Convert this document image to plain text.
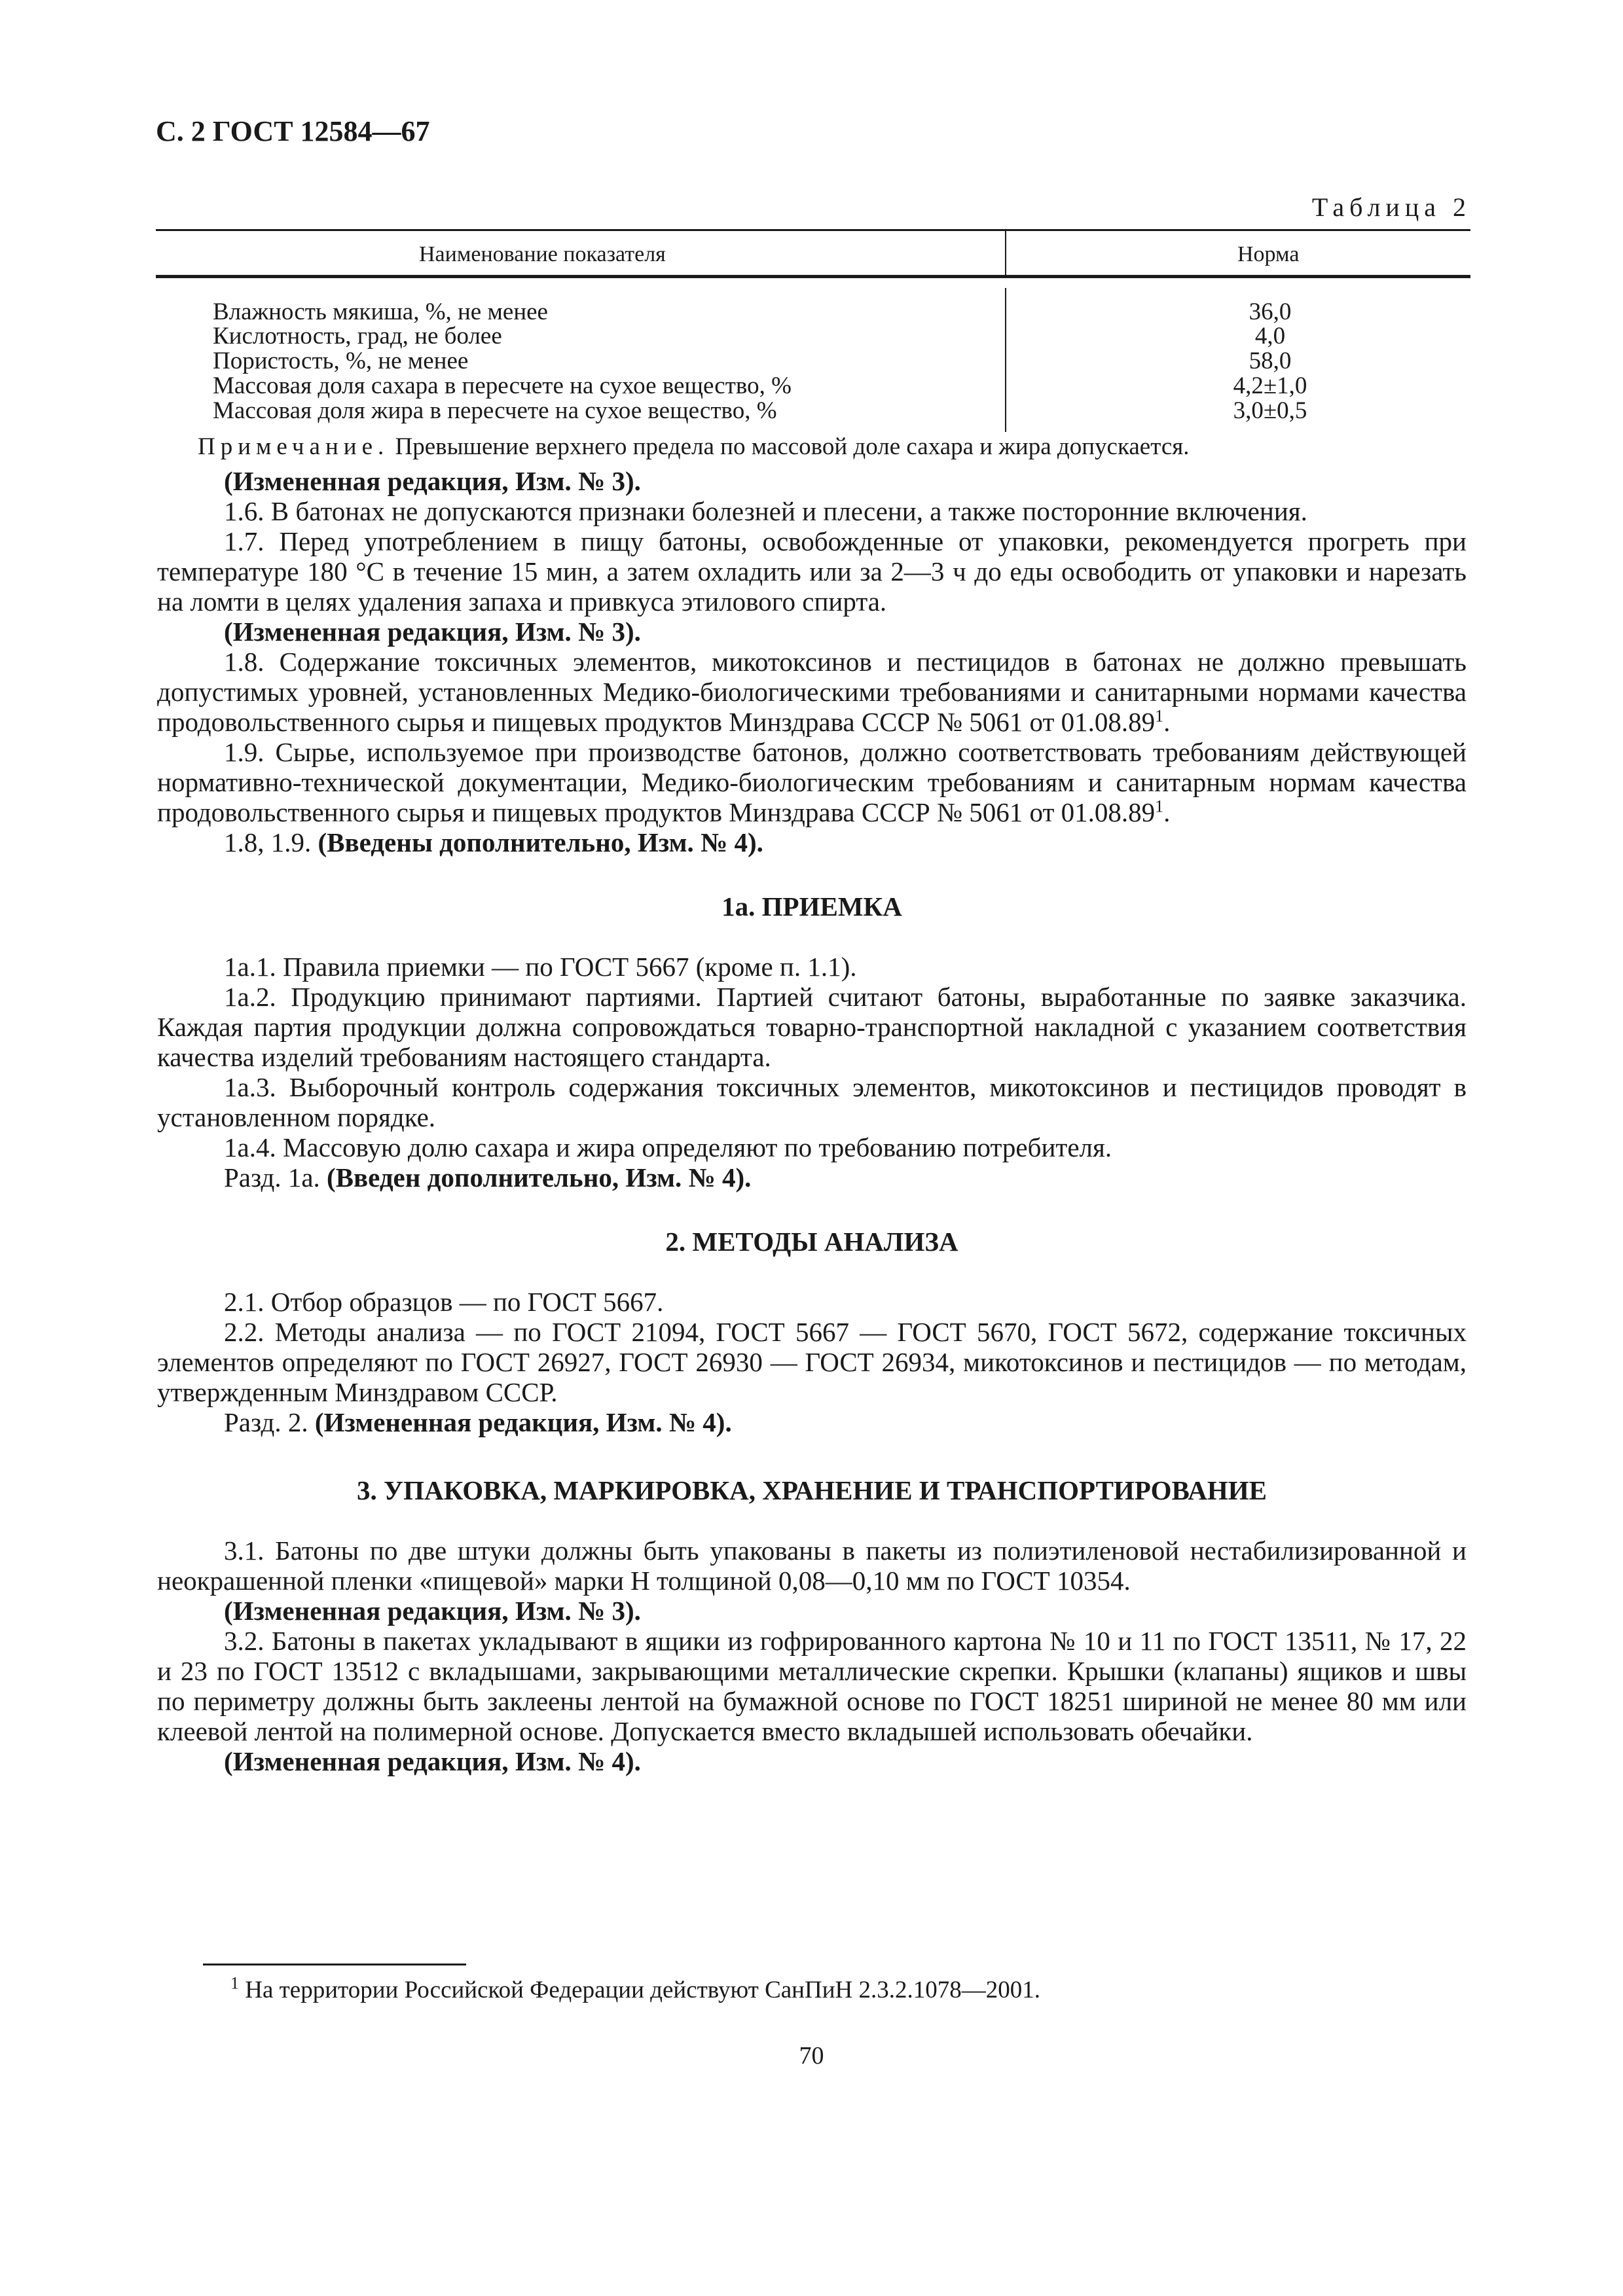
С. 2 ГОСТ 12584—67
Таблица 2
Наименование показателя	Норма
Влажность мякиша, %, не менее	36,0
Кислотность, град, не более	4,0
Пористость, %, не менее	58,0
Массовая доля сахара в пересчете на сухое вещество, %	4,2±1,0
Массовая доля жира в пересчете на сухое вещество, %	3,0±0,5
Примечание. Превышение верхнего предела по массовой доле сахара и жира допускается.

(Измененная редакция, Изм. № 3).

1.6. В батонах не допускаются признаки болезней и плесени, а также посторонние включения.

1.7. Перед употреблением в пищу батоны, освобожденные от упаковки, рекомендуется прогреть при температуре 180 °С в течение 15 мин, а затем охладить или за 2—3 ч до еды освободить от упаковки и нарезать на ломти в целях удаления запаха и привкуса этилового спирта.

(Измененная редакция, Изм. № 3).

1.8. Содержание токсичных элементов, микотоксинов и пестицидов в батонах не должно превышать допустимых уровней, установленных Медико-биологическими требованиями и санитарными нормами качества продовольственного сырья и пищевых продуктов Минздрава СССР № 5061 от 01.08.89$^1$.

1.9. Сырье, используемое при производстве батонов, должно соответствовать требованиям действующей нормативно-технической документации, Медико-биологическим требованиям и санитарным нормам качества продовольственного сырья и пищевых продуктов Минздрава СССР № 5061 от 01.08.89$^1$.

1.8, 1.9. (Введены дополнительно, Изм. № 4).

1а. ПРИЕМКА

1а.1. Правила приемки — по ГОСТ 5667 (кроме п. 1.1).

1а.2. Продукцию принимают партиями. Партией считают батоны, выработанные по заявке заказчика. Каждая партия продукции должна сопровождаться товарно-транспортной накладной с указанием соответствия качества изделий требованиям настоящего стандарта.

1а.3. Выборочный контроль содержания токсичных элементов, микотоксинов и пестицидов проводят в установленном порядке.

1а.4. Массовую долю сахара и жира определяют по требованию потребителя.

Разд. 1а. (Введен дополнительно, Изм. № 4).

2. МЕТОДЫ АНАЛИЗА

2.1. Отбор образцов — по ГОСТ 5667.

2.2. Методы анализа — по ГОСТ 21094, ГОСТ 5667 — ГОСТ 5670, ГОСТ 5672, содержание токсичных элементов определяют по ГОСТ 26927, ГОСТ 26930 — ГОСТ 26934, микотоксинов и пестицидов — по методам, утвержденным Минздравом СССР.

Разд. 2. (Измененная редакция, Изм. № 4).

3. УПАКОВКА, МАРКИРОВКА, ХРАНЕНИЕ И ТРАНСПОРТИРОВАНИЕ

3.1. Батоны по две штуки должны быть упакованы в пакеты из полиэтиленовой нестабилизированной и неокрашенной пленки «пищевой» марки Н толщиной 0,08—0,10 мм по ГОСТ 10354.

(Измененная редакция, Изм. № 3).

3.2. Батоны в пакетах укладывают в ящики из гофрированного картона № 10 и 11 по ГОСТ 13511, № 17, 22 и 23 по ГОСТ 13512 с вкладышами, закрывающими металлические скрепки. Крышки (клапаны) ящиков и швы по периметру должны быть заклеены лентой на бумажной основе по ГОСТ 18251 шириной не менее 80 мм или клеевой лентой на полимерной основе. Допускается вместо вкладышей использовать обечайки.

(Измененная редакция, Изм. № 4).

$^1$ На территории Российской Федерации действуют СанПиН 2.3.2.1078—2001.
70
